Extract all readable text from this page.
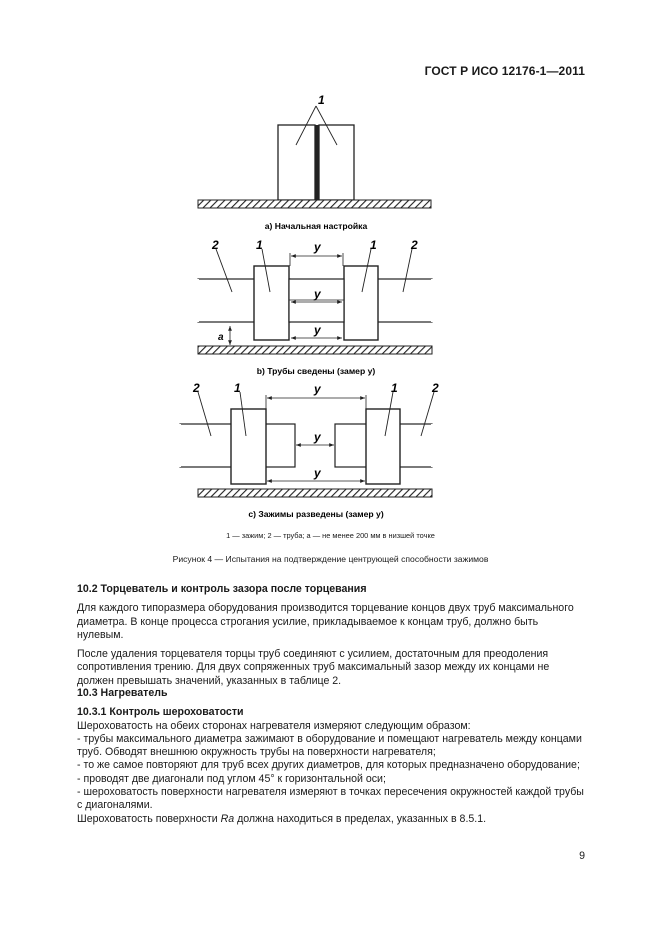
ГОСТ Р ИСО 12176-1—2011
1
a) Начальная настройка
y
y
y
a
2	1	1	2
b) Трубы сведены (замер y)
y
y
y
2	1	1	2
c) Зажимы разведены (замер y)
1 — зажим; 2 — труба; a — не менее 200 мм в низшей точке
Рисунок 4 — Испытания на подтверждение центрующей способности зажимов

10.2 Торцеватель и контроль зазора после торцевания

Для каждого типоразмера оборудования производится торцевание концов двух труб максимального диаметра. В конце процесса строгания усилие, прикладываемое к концам труб, должно быть нулевым.

После удаления торцевателя торцы труб соединяют с усилием, достаточным для преодоления сопротивления трению. Для двух сопряженных труб максимальный зазор между их концами не должен превышать значений, указанных в таблице 2.

10.3 Нагреватель

10.3.1 Контроль шероховатости

Шероховатость на обеих сторонах нагревателя измеряют следующим образом:

- трубы максимального диаметра зажимают в оборудование и помещают нагреватель между концами труб. Обводят внешнюю окружность трубы на поверхности нагревателя;

- то же самое повторяют для труб всех других диаметров, для которых предназначено оборудование;

- проводят две диагонали под углом 45° к горизонтальной оси;

- шероховатость поверхности нагревателя измеряют в точках пересечения окружностей каждой трубы с диагоналями.

Шероховатость поверхности Ra должна находиться в пределах, указанных в 8.5.1.

9
